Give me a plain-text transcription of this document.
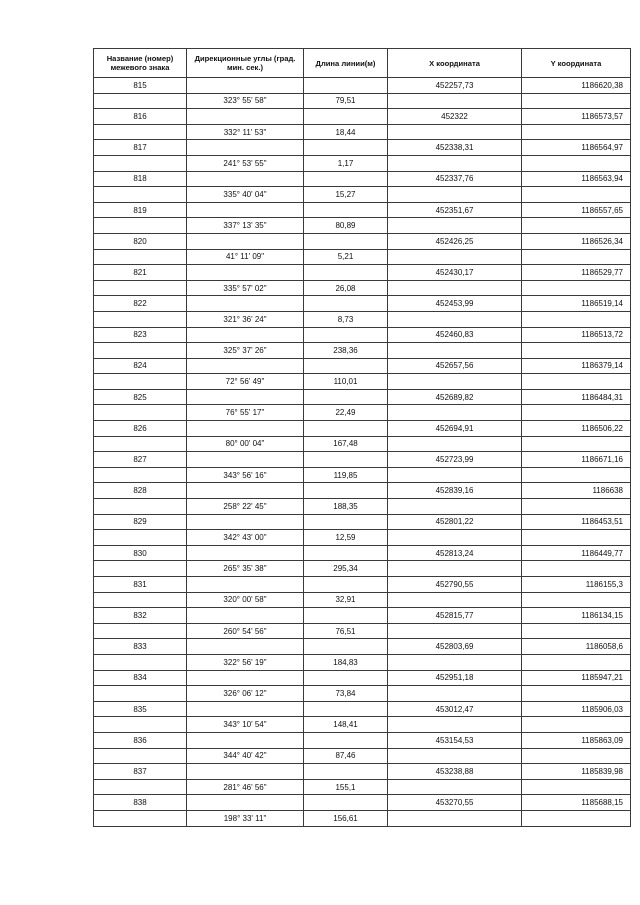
Название (номер) межевого знака	Дирекционные углы (град. мин. сек.)	Длина линии(м)	X координата	Y координата
815			452257,73	1186620,38
	323° 55' 58"	79,51		
816			452322	1186573,57
	332° 11' 53"	18,44		
817			452338,31	1186564,97
	241° 53' 55"	1,17		
818			452337,76	1186563,94
	335° 40' 04"	15,27		
819			452351,67	1186557,65
	337° 13' 35"	80,89		
820			452426,25	1186526,34
	41° 11' 09"	5,21		
821			452430,17	1186529,77
	335° 57' 02"	26,08		
822			452453,99	1186519,14
	321° 36' 24"	8,73		
823			452460,83	1186513,72
	325° 37' 26"	238,36		
824			452657,56	1186379,14
	72° 56' 49"	110,01		
825			452689,82	1186484,31
	76° 55' 17"	22,49		
826			452694,91	1186506,22
	80° 00' 04"	167,48		
827			452723,99	1186671,16
	343° 56' 16"	119,85		
828			452839,16	1186638
	258° 22' 45"	188,35		
829			452801,22	1186453,51
	342° 43' 00"	12,59		
830			452813,24	1186449,77
	265° 35' 38"	295,34		
831			452790,55	1186155,3
	320° 00' 58"	32,91		
832			452815,77	1186134,15
	260° 54' 56"	76,51		
833			452803,69	1186058,6
	322° 56' 19"	184,83		
834			452951,18	1185947,21
	326° 06' 12"	73,84		
835			453012,47	1185906,03
	343° 10' 54"	148,41		
836			453154,53	1185863,09
	344° 40' 42"	87,46		
837			453238,88	1185839,98
	281° 46' 56"	155,1		
838			453270,55	1185688,15
	198° 33' 11"	156,61		
